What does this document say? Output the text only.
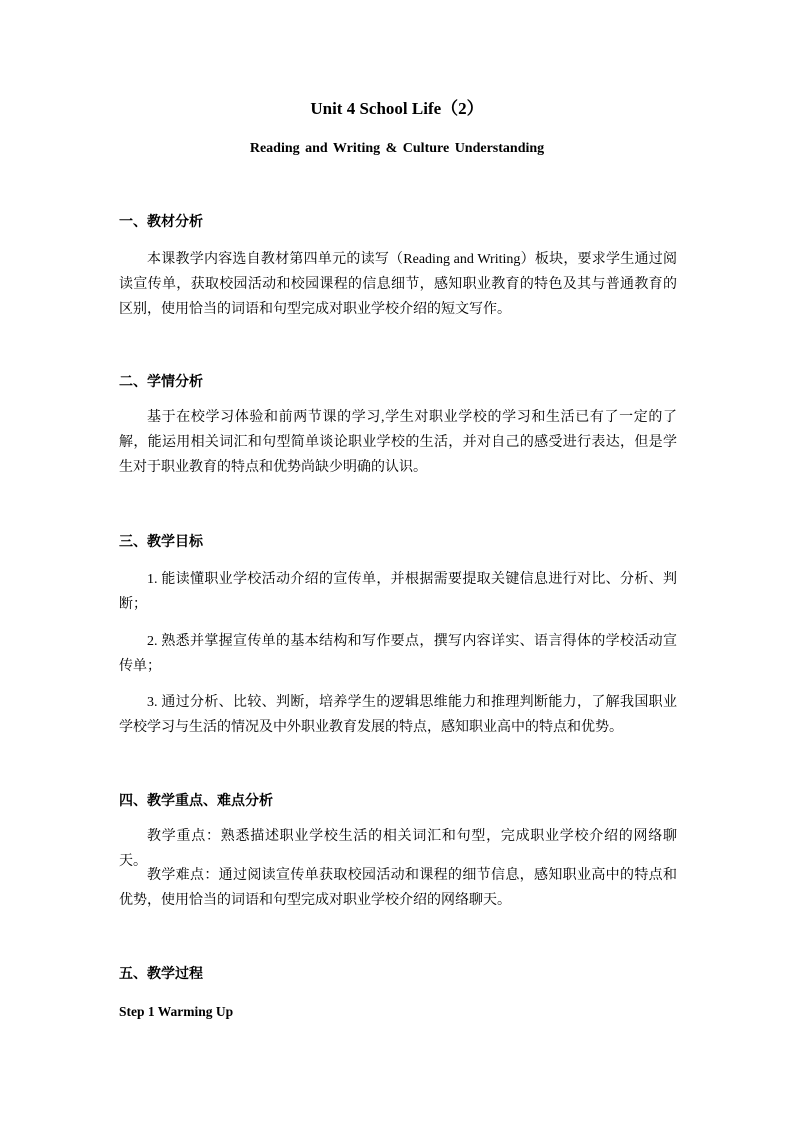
Unit 4 School Life（2）
Reading and Writing & Culture Understanding
一、教材分析
本课教学内容选自教材第四单元的读写（Reading and Writing）板块，要求学生通过阅读宣传单，获取校园活动和校园课程的信息细节，感知职业教育的特色及其与普通教育的区别，使用恰当的词语和句型完成对职业学校介绍的短文写作。
二、学情分析
基于在校学习体验和前两节课的学习,学生对职业学校的学习和生活已有了一定的了解，能运用相关词汇和句型简单谈论职业学校的生活，并对自己的感受进行表达，但是学生对于职业教育的特点和优势尚缺少明确的认识。
三、教学目标
1. 能读懂职业学校活动介绍的宣传单，并根据需要提取关键信息进行对比、分析、判断；
2. 熟悉并掌握宣传单的基本结构和写作要点，撰写内容详实、语言得体的学校活动宣传单；
3. 通过分析、比较、判断，培养学生的逻辑思维能力和推理判断能力，了解我国职业学校学习与生活的情况及中外职业教育发展的特点，感知职业高中的特点和优势。
四、教学重点、难点分析
教学重点：熟悉描述职业学校生活的相关词汇和句型，完成职业学校介绍的网络聊天。
教学难点：通过阅读宣传单获取校园活动和课程的细节信息，感知职业高中的特点和优势，使用恰当的词语和句型完成对职业学校介绍的网络聊天。
五、教学过程
Step 1 Warming Up
